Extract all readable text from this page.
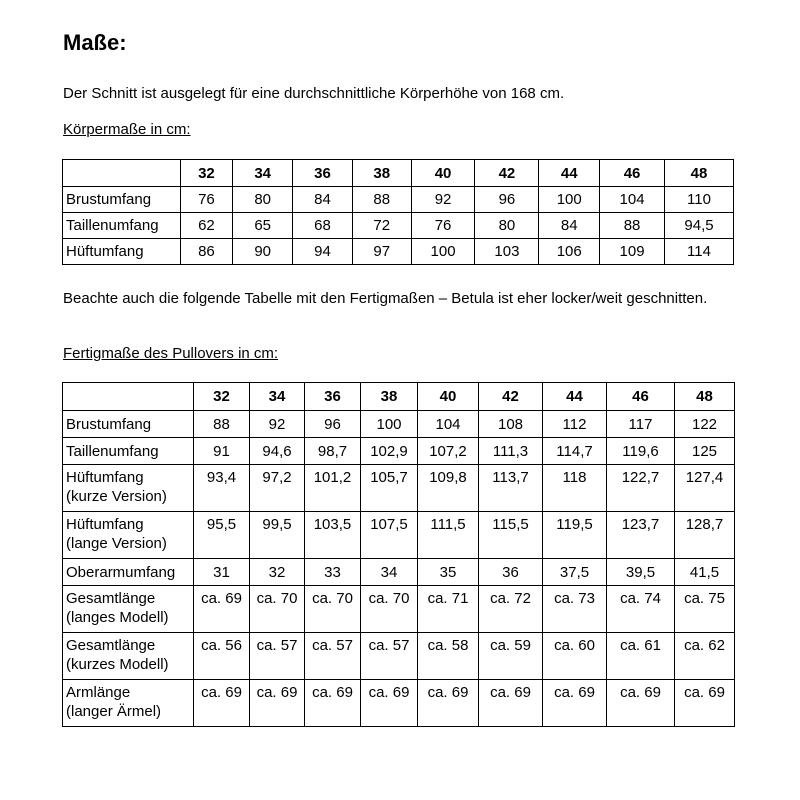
Maße:

Der Schnitt ist ausgelegt für eine durchschnittliche Körperhöhe von 168 cm.

Körpermaße in cm:

	32	34	36	38	40	42	44	46	48
Brustumfang	76	80	84	88	92	96	100	104	110
Taillenumfang	62	65	68	72	76	80	84	88	94,5
Hüftumfang	86	90	94	97	100	103	106	109	114

Beachte auch die folgende Tabelle mit den Fertigmaßen – Betula ist eher locker/weit geschnitten.

Fertigmaße des Pullovers in cm:

	32	34	36	38	40	42	44	46	48
Brustumfang	88	92	96	100	104	108	112	117	122
Taillenumfang	91	94,6	98,7	102,9	107,2	111,3	114,7	119,6	125
Hüftumfang
(kurze Version)	93,4	97,2	101,2	105,7	109,8	113,7	118	122,7	127,4
Hüftumfang
(lange Version)	95,5	99,5	103,5	107,5	111,5	115,5	119,5	123,7	128,7
Oberarmumfang	31	32	33	34	35	36	37,5	39,5	41,5
Gesamtlänge
(langes Modell)	ca. 69	ca. 70	ca. 70	ca. 70	ca. 71	ca. 72	ca. 73	ca. 74	ca. 75
Gesamtlänge
(kurzes Modell)	ca. 56	ca. 57	ca. 57	ca. 57	ca. 58	ca. 59	ca. 60	ca. 61	ca. 62
Armlänge
(langer Ärmel)	ca. 69	ca. 69	ca. 69	ca. 69	ca. 69	ca. 69	ca. 69	ca. 69	ca. 69
